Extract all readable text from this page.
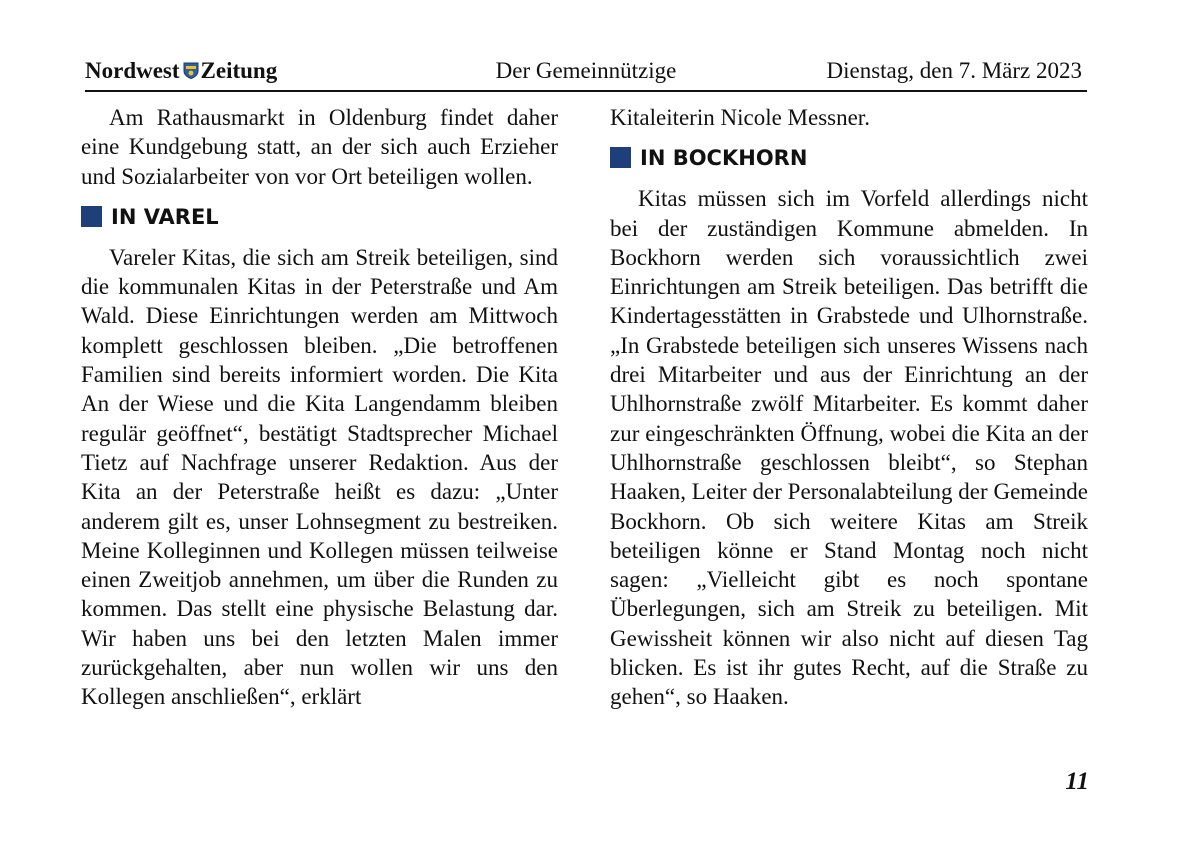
Nordwest Zeitung	Der Gemeinnützige	Dienstag, den 7. März 2023

Am Rathausmarkt in Oldenburg findet daher eine Kundgebung statt, an der sich auch Erzieher und Sozialarbeiter von vor Ort beteiligen wollen.

IN VAREL

Vareler Kitas, die sich am Streik beteiligen, sind die kommunalen Kitas in der Peterstraße und Am Wald. Diese Einrichtungen werden am Mittwoch komplett geschlossen bleiben. „Die betroffenen Familien sind bereits informiert worden. Die Kita An der Wiese und die Kita Langendamm bleiben regulär geöffnet“, bestätigt Stadtsprecher Michael Tietz auf Nachfrage unserer Redaktion. Aus der Kita an der Peterstraße heißt es dazu: „Unter anderem gilt es, unser Lohnsegment zu bestreiken. Meine Kolleginnen und Kollegen müssen teilweise einen Zweitjob annehmen, um über die Runden zu kommen. Das stellt eine physische Belastung dar. Wir haben uns bei den letzten Malen immer zurückgehalten, aber nun wollen wir uns den Kollegen anschließen“, erklärt

Kitaleiterin Nicole Messner.

IN BOCKHORN

Kitas müssen sich im Vorfeld allerdings nicht bei der zuständigen Kommune abmelden. In Bockhorn werden sich voraussichtlich zwei Einrichtungen am Streik beteiligen. Das betrifft die Kindertagesstätten in Grabstede und Ulhornstraße. „In Grabstede beteiligen sich unseres Wissens nach drei Mitarbeiter und aus der Einrichtung an der Uhlhornstraße zwölf Mitarbeiter. Es kommt daher zur eingeschränkten Öffnung, wobei die Kita an der Uhlhornstraße geschlossen bleibt“, so Stephan Haaken, Leiter der Personalabteilung der Gemeinde Bockhorn. Ob sich weitere Kitas am Streik beteiligen könne er Stand Montag noch nicht sagen: „Vielleicht gibt es noch spontane Überlegungen, sich am Streik zu beteiligen. Mit Gewissheit können wir also nicht auf diesen Tag blicken. Es ist ihr gutes Recht, auf die Straße zu gehen“, so Haaken.

11
